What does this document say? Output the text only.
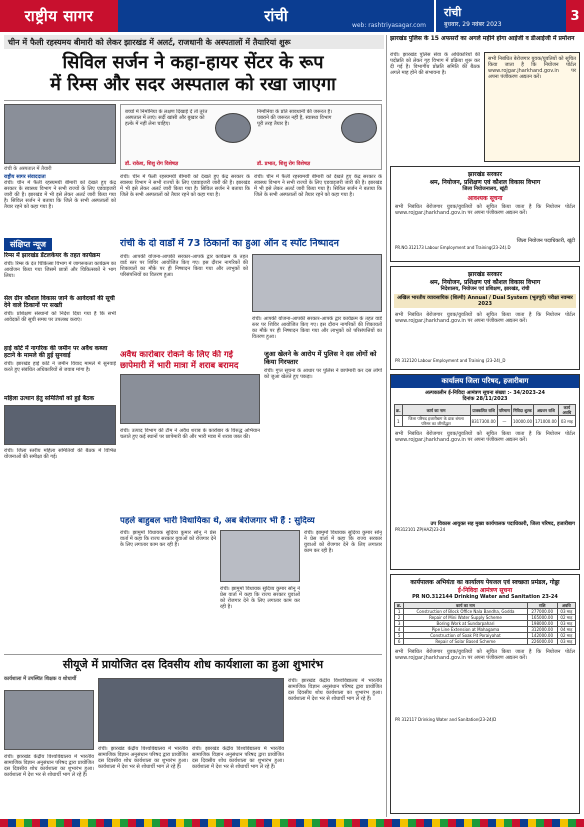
राष्ट्रीय सागर	रांची
web: rashtriyasagar.com
रांची
बुधवार, 29 नवंबर 2023
3
चीन में फैली रहस्यमय बीमारी को लेकर झारखंड में अलर्ट, राजधानी के अस्पतालों में तैयारियां शुरू
सिविल सर्जन ने कहा-हायर सेंटर के रूप
में रिम्स और सदर अस्पताल को रखा जाएगा
रांची के अस्पताल में तैयारी
बच्चों में निमोनिया के लक्षण दिखाई दें तो तुरंत अस्पताल में लाएं। सर्दी खांसी और बुखार को हल्के में नहीं लेना चाहिए।
डॉ. राकेश, शिशु रोग विशेषज्ञ
निमोनिया के प्रति सावधानी की जरूरत है। घबराने की जरूरत नहीं है, स्वास्थ्य विभाग पूरी तरह तैयार है।
डॉ. प्रभात, शिशु रोग विशेषज्ञ
राष्ट्रीय सागर संवाददाता
रांची। चीन में फैली रहस्यमयी बीमारी को देखते हुए केंद्र सरकार के स्वास्थ्य विभाग ने सभी राज्यों के लिए एडवाइजरी जारी की है। झारखंड में भी इसे लेकर अलर्ट जारी किया गया है। सिविल सर्जन ने बताया कि जिले के सभी अस्पतालों को तैयार रहने को कहा गया है।
रांची। चीन में फैली रहस्यमयी बीमारी को देखते हुए केंद्र सरकार के स्वास्थ्य विभाग ने सभी राज्यों के लिए एडवाइजरी जारी की है। झारखंड में भी इसे लेकर अलर्ट जारी किया गया है। सिविल सर्जन ने बताया कि जिले के सभी अस्पतालों को तैयार रहने को कहा गया है।
रांची। चीन में फैली रहस्यमयी बीमारी को देखते हुए केंद्र सरकार के स्वास्थ्य विभाग ने सभी राज्यों के लिए एडवाइजरी जारी की है। झारखंड में भी इसे लेकर अलर्ट जारी किया गया है। सिविल सर्जन ने बताया कि जिले के सभी अस्पतालों को तैयार रहने को कहा गया है।
रांची के दो वार्डों में 73 ठिकानों का हुआ ऑन द स्पॉट निष्पादन
रांची। आपकी योजना-आपकी सरकार-आपके द्वार कार्यक्रम के तहत वार्ड स्तर पर शिविर आयोजित किए गए। इस दौरान नागरिकों की शिकायतों का मौके पर ही निष्पादन किया गया और लाभुकों को परिसंपत्तियों का वितरण हुआ।
रांची। आपकी योजना-आपकी सरकार-आपके द्वार कार्यक्रम के तहत वार्ड स्तर पर शिविर आयोजित किए गए। इस दौरान नागरिकों की शिकायतों का मौके पर ही निष्पादन किया गया और लाभुकों को परिसंपत्तियों का वितरण हुआ।
संक्षिप्त न्यूज
रिम्स में झारखंड डेंटलकेयर के तहत कार्यक्रम
रांची। रिम्स के दंत चिकित्सा विभाग में जागरूकता कार्यक्रम का आयोजन किया गया जिसमें छात्रों और चिकित्सकों ने भाग लिया।
सेल ग्रीन कौशल विकास जाने के आवेदकों की सूची देने वाले ठिकानों पर सख्ती
रांची। प्रशिक्षण संस्थानों को निर्देश दिया गया है कि सभी आवेदकों की सूची समय पर उपलब्ध कराएं।
हाई कोर्ट में नागरिक की जमीन पर अवैध कब्जा हटाने के मामले की हुई सुनवाई
रांची। झारखंड हाई कोर्ट ने जमीन विवाद मामले में सुनवाई करते हुए संबंधित अधिकारियों से जवाब मांगा है।
महिला उत्थान हेतु समितियों को हुई बैठक
रांची। जिला स्तरीय महिला समितियों की बैठक में विभिन्न योजनाओं की समीक्षा की गई।
अवैध कारोबार रोकने के लिए की गई छापेमारी में भारी मात्रा में शराब बरामद
रांची। उत्पाद विभाग की टीम ने अवैध शराब के कारोबार के विरुद्ध अभियान चलाते हुए कई स्थानों पर छापेमारी की और भारी मात्रा में शराब जब्त की।
जुआ खेलने के आरोप में पुलिस ने दस लोगों को किया गिरफ्तार
रांची। गुप्त सूचना के आधार पर पुलिस ने छापेमारी कर दस लोगों को जुआ खेलते हुए पकड़ा।
पहले बाहुबल भारी विधायिका थे, अब बेरोजगार भी हैं : सुदिव्य
रांची। झामुमो विधायक सुदिव्य कुमार सोनू ने प्रेस वार्ता में कहा कि राज्य सरकार युवाओं को रोजगार देने के लिए लगातार काम कर रही है।
रांची। झामुमो विधायक सुदिव्य कुमार सोनू ने प्रेस वार्ता में कहा कि राज्य सरकार युवाओं को रोजगार देने के लिए लगातार काम कर रही है।
रांची। झामुमो विधायक सुदिव्य कुमार सोनू ने प्रेस वार्ता में कहा कि राज्य सरकार युवाओं को रोजगार देने के लिए लगातार काम कर रही है।
सीयूजे में प्रायोजित दस दिवसीय शोध कार्यशाला का हुआ शुभारंभ
कार्यशाला में उपस्थित शिक्षक व शोधार्थी
रांची। झारखंड केंद्रीय विश्वविद्यालय में भारतीय सामाजिक विज्ञान अनुसंधान परिषद द्वारा प्रायोजित दस दिवसीय शोध कार्यशाला का शुभारंभ हुआ। कार्यशाला में देश भर से शोधार्थी भाग ले रहे हैं।
रांची। झारखंड केंद्रीय विश्वविद्यालय में भारतीय सामाजिक विज्ञान अनुसंधान परिषद द्वारा प्रायोजित दस दिवसीय शोध कार्यशाला का शुभारंभ हुआ। कार्यशाला में देश भर से शोधार्थी भाग ले रहे हैं।
रांची। झारखंड केंद्रीय विश्वविद्यालय में भारतीय सामाजिक विज्ञान अनुसंधान परिषद द्वारा प्रायोजित दस दिवसीय शोध कार्यशाला का शुभारंभ हुआ। कार्यशाला में देश भर से शोधार्थी भाग ले रहे हैं।
रांची। झारखंड केंद्रीय विश्वविद्यालय में भारतीय सामाजिक विज्ञान अनुसंधान परिषद द्वारा प्रायोजित दस दिवसीय शोध कार्यशाला का शुभारंभ हुआ। कार्यशाला में देश भर से शोधार्थी भाग ले रहे हैं।
झारखंड पुलिस के 15 अफसरों का अगले महीने होगा आईजी व डीआईजी में प्रमोशन
रांची। झारखंड पुलिस सेवा के अधिकारियों की पदोन्नति को लेकर गृह विभाग में प्रक्रिया शुरू कर दी गई है। विभागीय प्रोन्नति समिति की बैठक अगले माह होने की संभावना है।
सभी निबंधित बेरोजगार युवक/युवतियों को सूचित किया जाता है कि नियोजन पोर्टल www.rojgar.jharkhand.gov.in पर अपना पंजीकरण अद्यतन करें।
झारखंड सरकार
श्रम, नियोजन, प्रशिक्षण एवं कौशल विकास विभाग
जिला नियोजनालय, खूंटी
आवश्यक सूचना
सभी निबंधित बेरोजगार युवक/युवतियों को सूचित किया जाता है कि नियोजन पोर्टल www.rojgar.jharkhand.gov.in पर अपना पंजीकरण अद्यतन करें।
जिला नियोजन पदाधिकारी, खूंटी
PR.NO.312173 Labour Employment and Training(23-24).D
झारखंड सरकार
श्रम, नियोजन, प्रशिक्षण एवं कौशल विकास विभाग
निदेशालय, नियोजन एवं प्रशिक्षण, झारखंड, रांची
अखिल भारतीय व्यावसायिक (शिल्पी) Annual / Dual System (भूतपूर्व) परीक्षा नवम्बर 2023
सभी निबंधित बेरोजगार युवक/युवतियों को सूचित किया जाता है कि नियोजन पोर्टल www.rojgar.jharkhand.gov.in पर अपना पंजीकरण अद्यतन करें।
PR 312120 Labour Employment and Training (23-24)_D
कार्यालय जिला परिषद, हजारीबाग
अल्पकालीन ई-निविदा आमंत्रण सूचना संख्या :- 34/2023-24
दिनांक 28/11/2023
क्र.	कार्य का नाम	प्राक्कलित राशि	परिमाण	निविदा शुल्क	अग्रधन राशि	कार्य अवधि
1	जिला परिषद हजारीबाग के डाक बंगला परिसर का जीर्णोद्धार	8317300.00	—	10000.00	171000.00	03 माह
सभी निबंधित बेरोजगार युवक/युवतियों को सूचित किया जाता है कि नियोजन पोर्टल www.rojgar.jharkhand.gov.in पर अपना पंजीकरण अद्यतन करें।
उप विकास आयुक्त सह मुख्य कार्यपालक पदाधिकारी, जिला परिषद, हजारीबाग
PR312101 ZP(HAZ)23-24
कार्यपालक अभियंता का कार्यालय पेयजल एवं स्वच्छता प्रमंडल, गोड्डा
ई-निविदा आमंत्रण सूचना
PR NO.312144 Drinking Water and Sanitation 23-24
क्र.	कार्य का नाम	राशि	अवधि
1	Construction of Block Office Nala Bandha, Godda	277000.00	03 माह
2	Repair of Mini Water Supply Scheme	165000.00	02 माह
3	Boring Work at Sundarpahari	198000.00	03 माह
4	Pipe Line Extension at Mahagama	312000.00	04 माह
5	Construction of Soak Pit Poraiyahat	142000.00	02 माह
6	Repair of Solar Based Scheme	226000.00	03 माह
सभी निबंधित बेरोजगार युवक/युवतियों को सूचित किया जाता है कि नियोजन पोर्टल www.rojgar.jharkhand.gov.in पर अपना पंजीकरण अद्यतन करें।
PR 312117 Drinking Water and Sanitation(23-24)D
